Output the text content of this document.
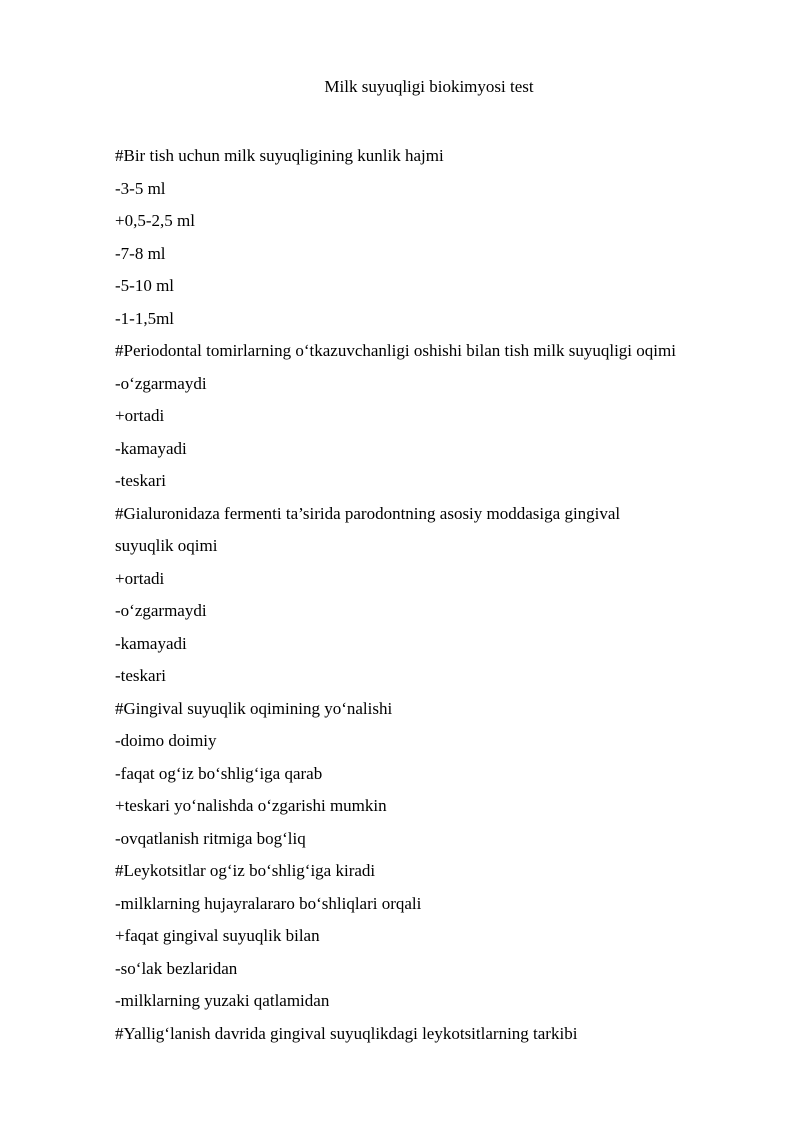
Milk suyuqligi biokimyosi test
#Bir tish uchun milk suyuqligining kunlik hajmi
-3-5 ml
+0,5-2,5 ml
-7-8 ml
-5-10 ml
-1-1,5ml
#Periodontal tomirlarning o‘tkazuvchanligi oshishi bilan tish milk suyuqligi oqimi
-o‘zgarmaydi
+ortadi
-kamayadi
-teskari
#Gialuronidaza fermenti ta’sirida parodontning asosiy moddasiga gingival
suyuqlik oqimi
+ortadi
-o‘zgarmaydi
-kamayadi
-teskari
#Gingival suyuqlik oqimining yo‘nalishi
-doimo doimiy
-faqat og‘iz bo‘shlig‘iga qarab
+teskari yo‘nalishda o‘zgarishi mumkin
-ovqatlanish ritmiga bog‘liq
#Leykotsitlar og‘iz bo‘shlig‘iga kiradi
-milklarning hujayralararo bo‘shliqlari orqali
+faqat gingival suyuqlik bilan
-so‘lak bezlaridan
-milklarning yuzaki qatlamidan
#Yallig‘lanish davrida gingival suyuqlikdagi leykotsitlarning tarkibi
